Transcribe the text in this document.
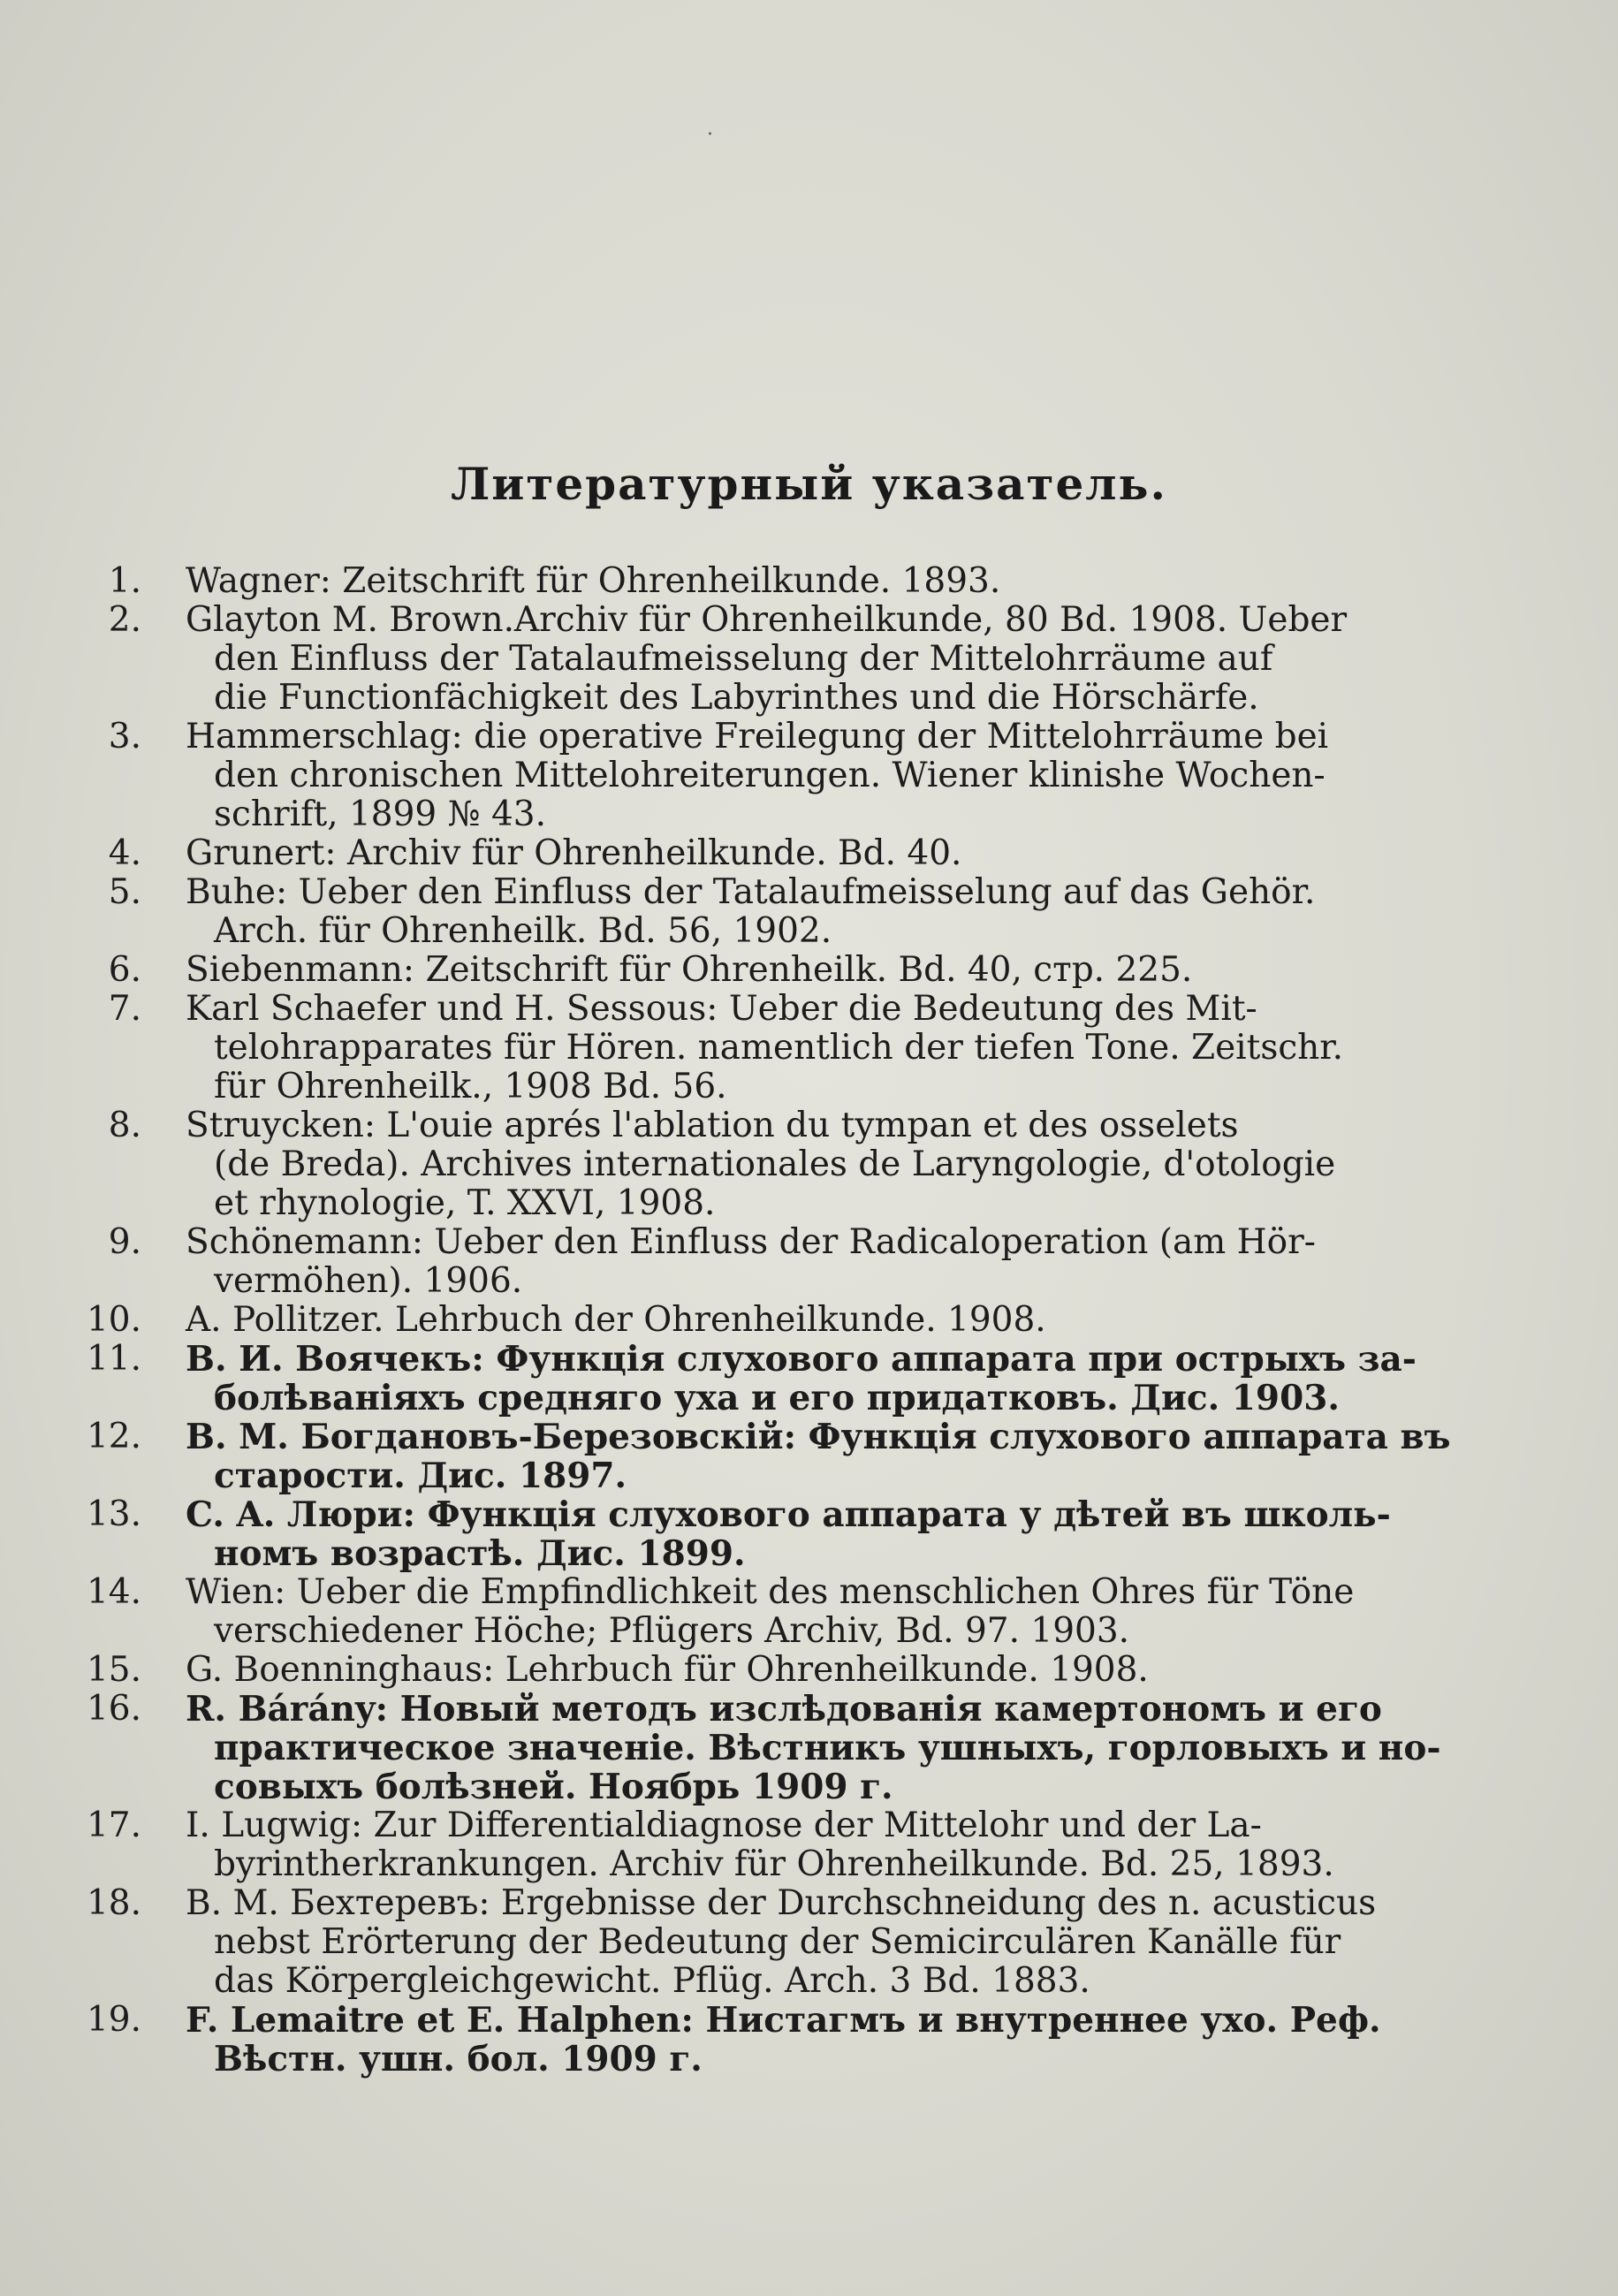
·
Литературный указатель.
1. Wagner: Zeitschrift für Ohrenheilkunde. 1893.
2. Glayton M. Brown.Archiv für Ohrenheilkunde, 80 Bd. 1908. Ueber
den Einfluss der Tatalaufmeisselung der Mittelohrräume auf
die Functionfächigkeit des Labyrinthes und die Hörschärfe.
3. Hammerschlag: die operative Freilegung der Mittelohrräume bei
den chronischen Mittelohreiterungen. Wiener klinishe Wochen-
schrift, 1899 № 43.
4. Grunert: Archiv für Ohrenheilkunde. Bd. 40.
5. Buhe: Ueber den Einfluss der Tatalaufmeisselung auf das Gehör.
Arch. für Ohrenheilk. Bd. 56, 1902.
6. Siebenmann: Zeitschrift für Ohrenheilk. Bd. 40, стр. 225.
7. Karl Schaefer und H. Sessous: Ueber die Bedeutung des Mit-
telohrapparates für Hören. namentlich der tiefen Tone. Zeitschr.
für Ohrenheilk., 1908 Bd. 56.
8. Struycken: L'ouie aprés l'ablation du tympan et des osselets
(de Breda). Archives internationales de Laryngologie, d'otologie
et rhynologie, T. XXVI, 1908.
9. Schönemann: Ueber den Einfluss der Radicaloperation (am Hör-
vermöhen). 1906.
10. A. Pollitzer. Lehrbuch der Ohrenheilkunde. 1908.
11. B. И. Воячекъ: Функція слухового аппарата при острыхъ за-
болѣваніяхъ средняго уха и его придатковъ. Дис. 1903.
12. B. M. Богдановъ-Березовскій: Функція слухового аппарата въ
старости. Дис. 1897.
13. C. A. Люри: Функція слухового аппарата у дѣтей въ школь-
номъ возрастѣ. Дис. 1899.
14. Wien: Ueber die Empfindlichkeit des menschlichen Ohres für Töne
verschiedener Höche; Pflügers Archiv, Bd. 97. 1903.
15. G. Boenninghaus: Lehrbuch für Ohrenheilkunde. 1908.
16. R. Bárány: Новый методъ изслѣдованія камертономъ и его
практическое значеніе. Вѣстникъ ушныхъ, горловыхъ и но-
совыхъ болѣзней. Ноябрь 1909 г.
17. I. Lugwig: Zur Differentialdiagnose der Mittelohr und der La-
byrintherkrankungen. Archiv für Ohrenheilkunde. Bd. 25, 1893.
18. B. M. Бехтеревъ: Ergebnisse der Durchschneidung des n. acusticus
nebst Erörterung der Bedeutung der Semicirculären Kanälle für
das Körpergleichgewicht. Pflüg. Arch. 3 Bd. 1883.
19. F. Lemaitre et E. Halphen: Нистагмъ и внутреннее ухо. Реф.
Вѣстн. ушн. бол. 1909 г.
